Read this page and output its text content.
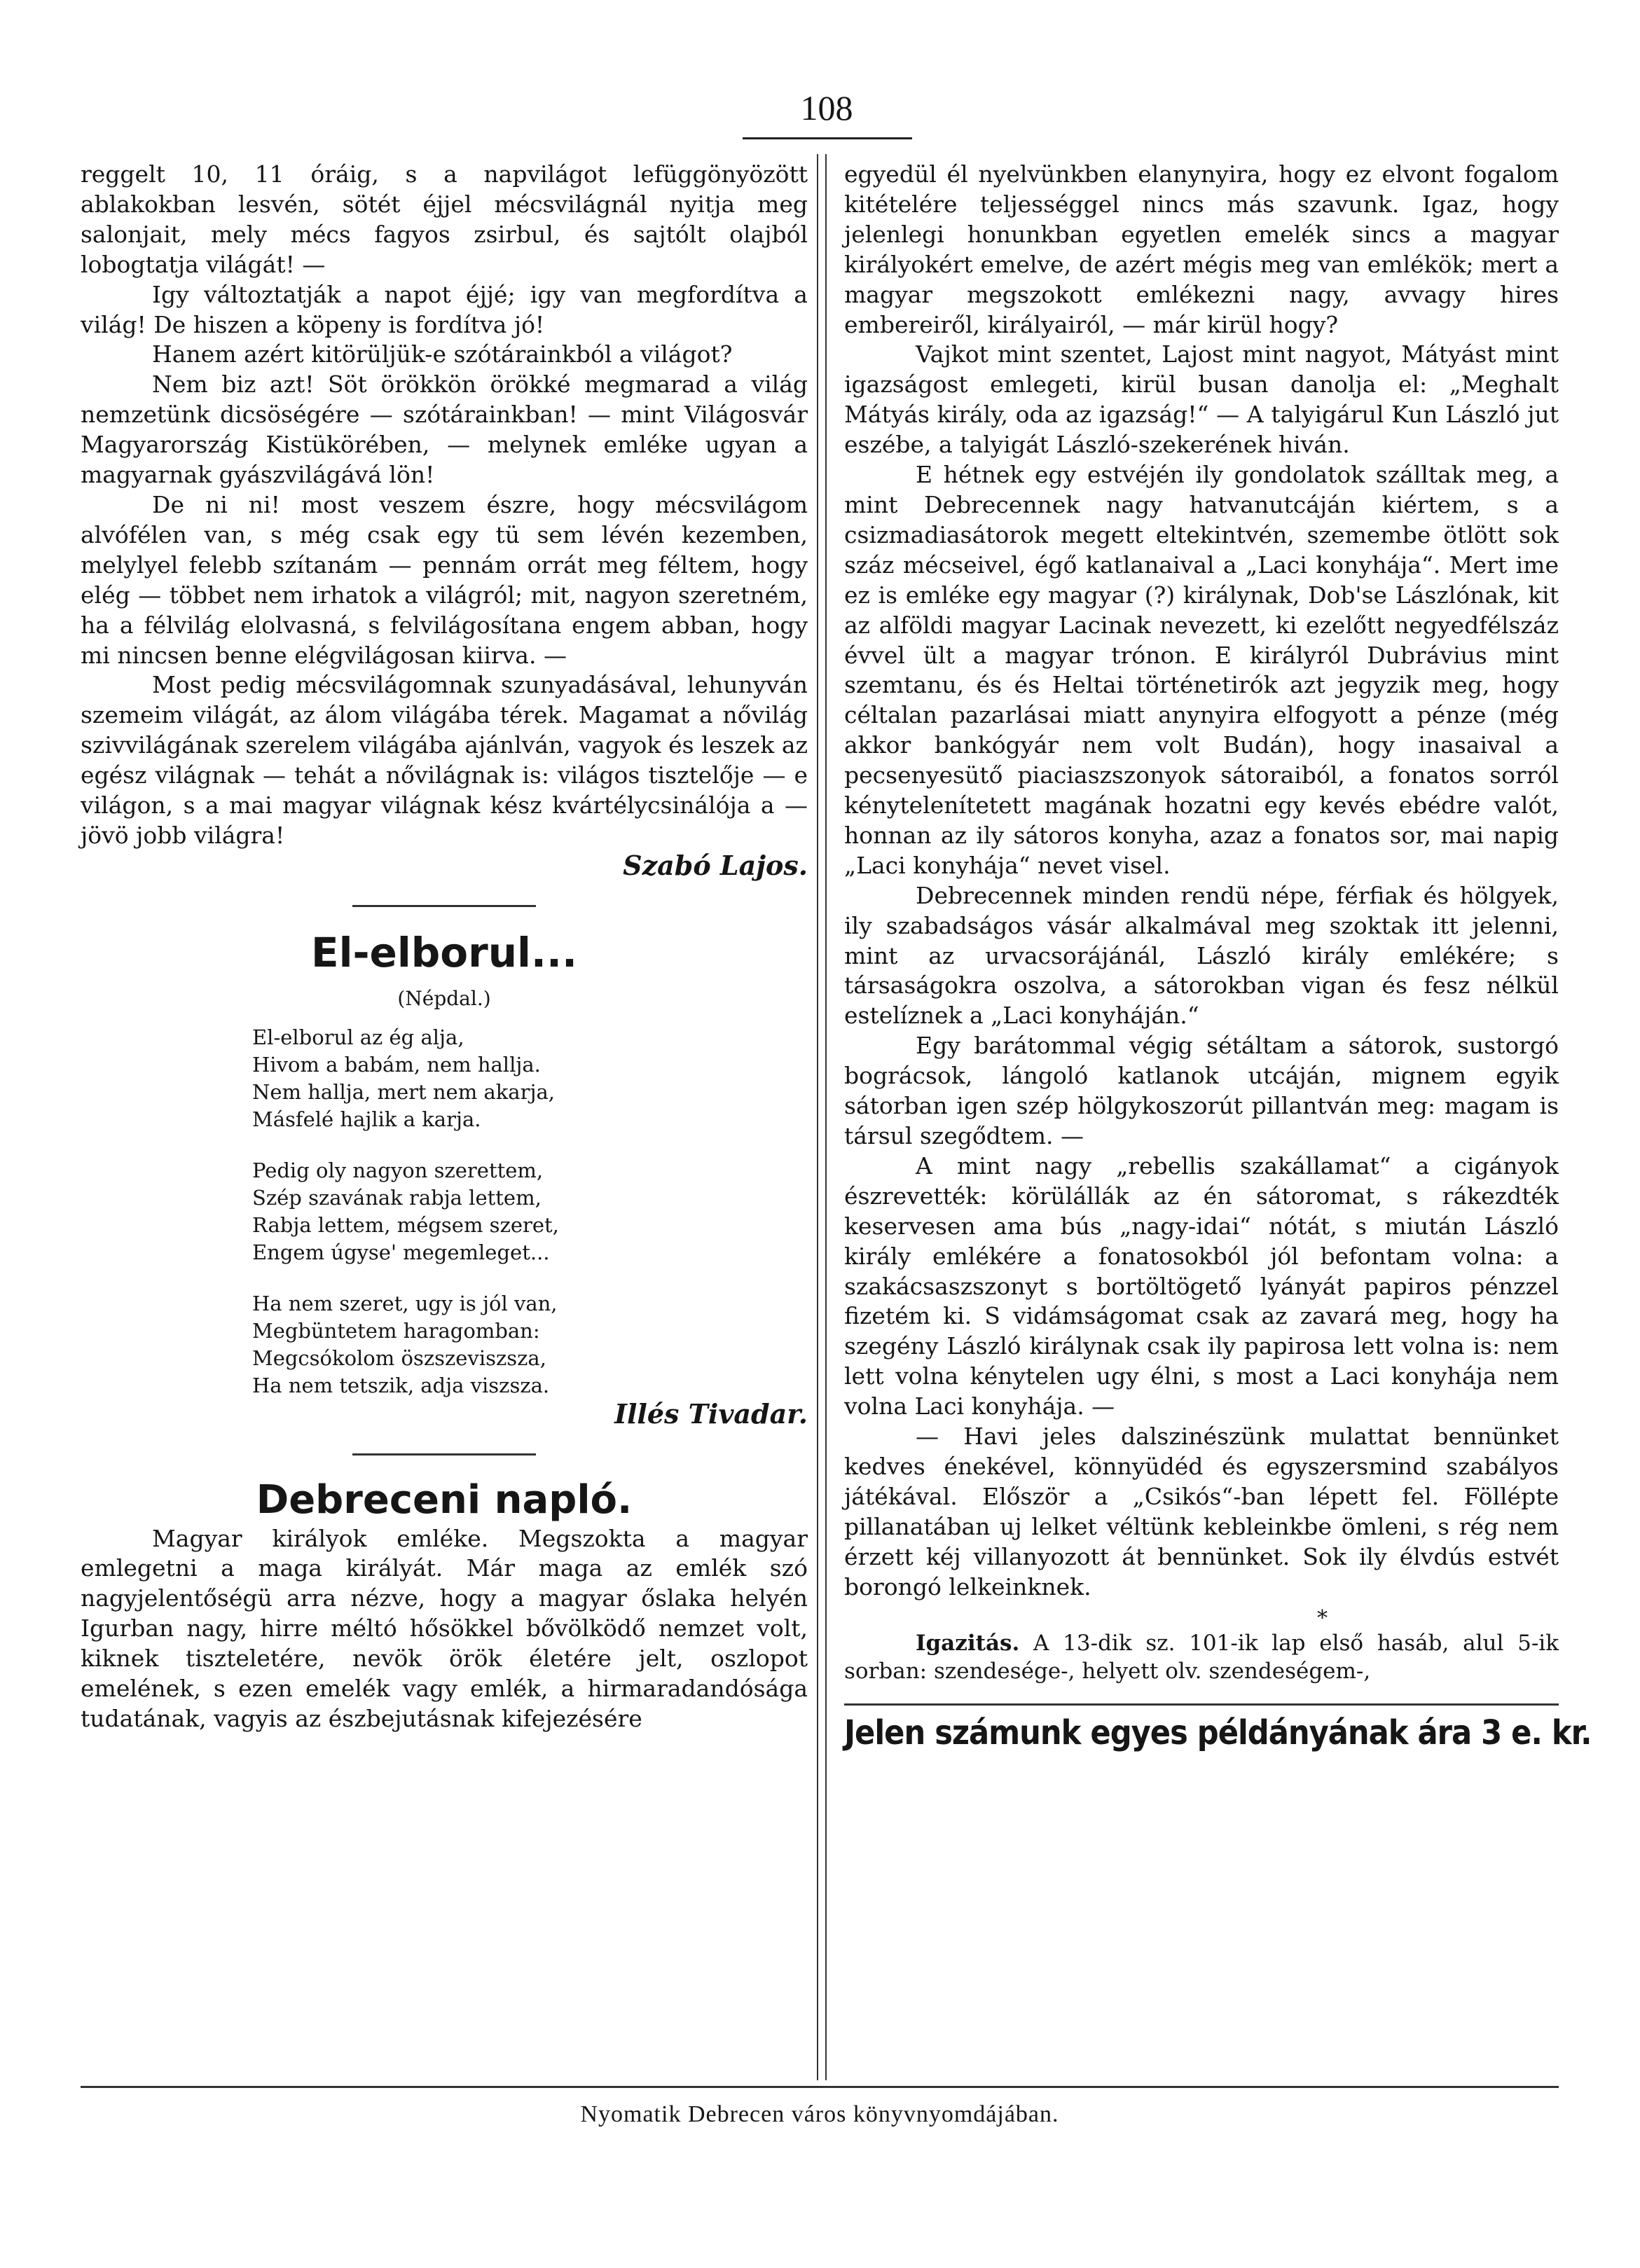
108

reggelt 10, 11 óráig, s a napvilágot lefüggönyözött ablakokban lesvén, sötét éjjel mécsvilágnál nyitja meg salonjait, mely mécs fagyos zsirbul, és sajtólt olajból lobogtatja világát! —

Igy változtatják a napot éjjé; igy van megfordítva a világ! De hiszen a köpeny is fordítva jó!

Hanem azért kitörüljük-e szótárainkból a világot?

Nem biz azt! Söt örökkön örökké megmarad a világ nemzetünk dicsöségére — szótárainkban! — mint Világosvár Magyarország Kistükörében, — melynek emléke ugyan a magyarnak gyászvilágává lön!

De ni ni! most veszem észre, hogy mécsvilágom alvófélen van, s még csak egy tü sem lévén kezemben, melylyel felebb szítanám — pennám orrát meg féltem, hogy elég — többet nem irhatok a világról; mit, nagyon szeretném, ha a félvilág elolvasná, s felvilágosítana engem abban, hogy mi nincsen benne elégvilágosan kiirva. —

Most pedig mécsvilágomnak szunyadásával, lehunyván szemeim világát, az álom világába térek. Magamat a nővilág szivvilágának szerelem világába ajánlván, vagyok és leszek az egész világnak — tehát a nővilágnak is: világos tisztelője — e világon, s a mai magyar világnak kész kvártélycsinálója a — jövö jobb világra!

Szabó Lajos.

El-elborul...

(Népdal.)

El-elborul az ég alja,
Hivom a babám, nem hallja.
Nem hallja, mert nem akarja,
Másfelé hajlik a karja.
Pedig oly nagyon szerettem,
Szép szavának rabja lettem,
Rabja lettem, mégsem szeret,
Engem úgyse' megemleget...
Ha nem szeret, ugy is jól van,
Megbüntetem haragomban:
Megcsókolom öszszeviszsza,
Ha nem tetszik, adja viszsza.

Illés Tivadar.

Debreceni napló.

Magyar királyok emléke. Megszokta a magyar emlegetni a maga királyát. Már maga az emlék szó nagyjelentőségü arra nézve, hogy a magyar őslaka helyén Igurban nagy, hirre méltó hősökkel bővölködő nemzet volt, kiknek tiszteletére, nevök örök életére jelt, oszlopot emelének, s ezen emelék vagy emlék, a hirmaradandósága tudatának, vagyis az észbejutásnak kifejezésére

egyedül él nyelvünkben elanynyira, hogy ez elvont fogalom kitételére teljességgel nincs más szavunk. Igaz, hogy jelenlegi honunkban egyetlen emelék sincs a magyar királyokért emelve, de azért mégis meg van emlékök; mert a magyar megszokott emlékezni nagy, avvagy hires embereiről, királyairól, — már kirül hogy?

Vajkot mint szentet, Lajost mint nagyot, Mátyást mint igazságost emlegeti, kirül busan danolja el: „Meghalt Mátyás király, oda az igazság!“ — A talyigárul Kun László jut eszébe, a talyigát László-szekerének hiván.

E hétnek egy estvéjén ily gondolatok szálltak meg, a mint Debrecennek nagy hatvanutcáján kiértem, s a csizmadiasátorok megett eltekintvén, szemembe ötlött sok száz mécseivel, égő katlanaival a „Laci konyhája“. Mert ime ez is emléke egy magyar (?) királynak, Dob'se Lászlónak, kit az alföldi magyar Lacinak nevezett, ki ezelőtt negyedfélszáz évvel ült a magyar trónon. E királyról Dubrávius mint szemtanu, és és Heltai történetirók azt jegyzik meg, hogy céltalan pazarlásai miatt anynyira elfogyott a pénze (még akkor bankógyár nem volt Budán), hogy inasaival a pecsenyesütő piaciaszszonyok sátoraiból, a fonatos sorról kénytelenítetett magának hozatni egy kevés ebédre valót, honnan az ily sátoros konyha, azaz a fonatos sor, mai napig „Laci konyhája“ nevet visel.

Debrecennek minden rendü népe, férfiak és hölgyek, ily szabadságos vásár alkalmával meg szoktak itt jelenni, mint az urvacsorájánál, László király emlékére; s társaságokra oszolva, a sátorokban vigan és fesz nélkül estelíznek a „Laci konyháján.“

Egy barátommal végig sétáltam a sátorok, sustorgó bográcsok, lángoló katlanok utcáján, mignem egyik sátorban igen szép hölgykoszorút pillantván meg: magam is társul szegődtem. —

A mint nagy „rebellis szakállamat“ a cigányok észrevették: körülállák az én sátoromat, s rákezdték keservesen ama bús „nagy-idai“ nótát, s miután László király emlékére a fonatosokból jól befontam volna: a szakácsaszszonyt s bortöltögető lyányát papiros pénzzel fizetém ki. S vidámságomat csak az zavará meg, hogy ha szegény László királynak csak ily papirosa lett volna is: nem lett volna kénytelen ugy élni, s most a Laci konyhája nem volna Laci konyhája. —

— Havi jeles dalszinészünk mulattat bennünket kedves énekével, könnyüdéd és egyszersmind szabályos játékával. Először a „Csikós“-ban lépett fel. Föllépte pillanatában uj lelket véltünk kebleinkbe ömleni, s rég nem érzett kéj villanyozott át bennünket. Sok ily élvdús estvét borongó lelkeinknek.

*

Igazitás. A 13-dik sz. 101-ik lap első hasáb, alul 5-ik sorban: szendesége-, helyett olv. szendeségem-,

Jelen számunk egyes példányának ára 3 e. kr.
Nyomatik Debrecen város könyvnyomdájában.
